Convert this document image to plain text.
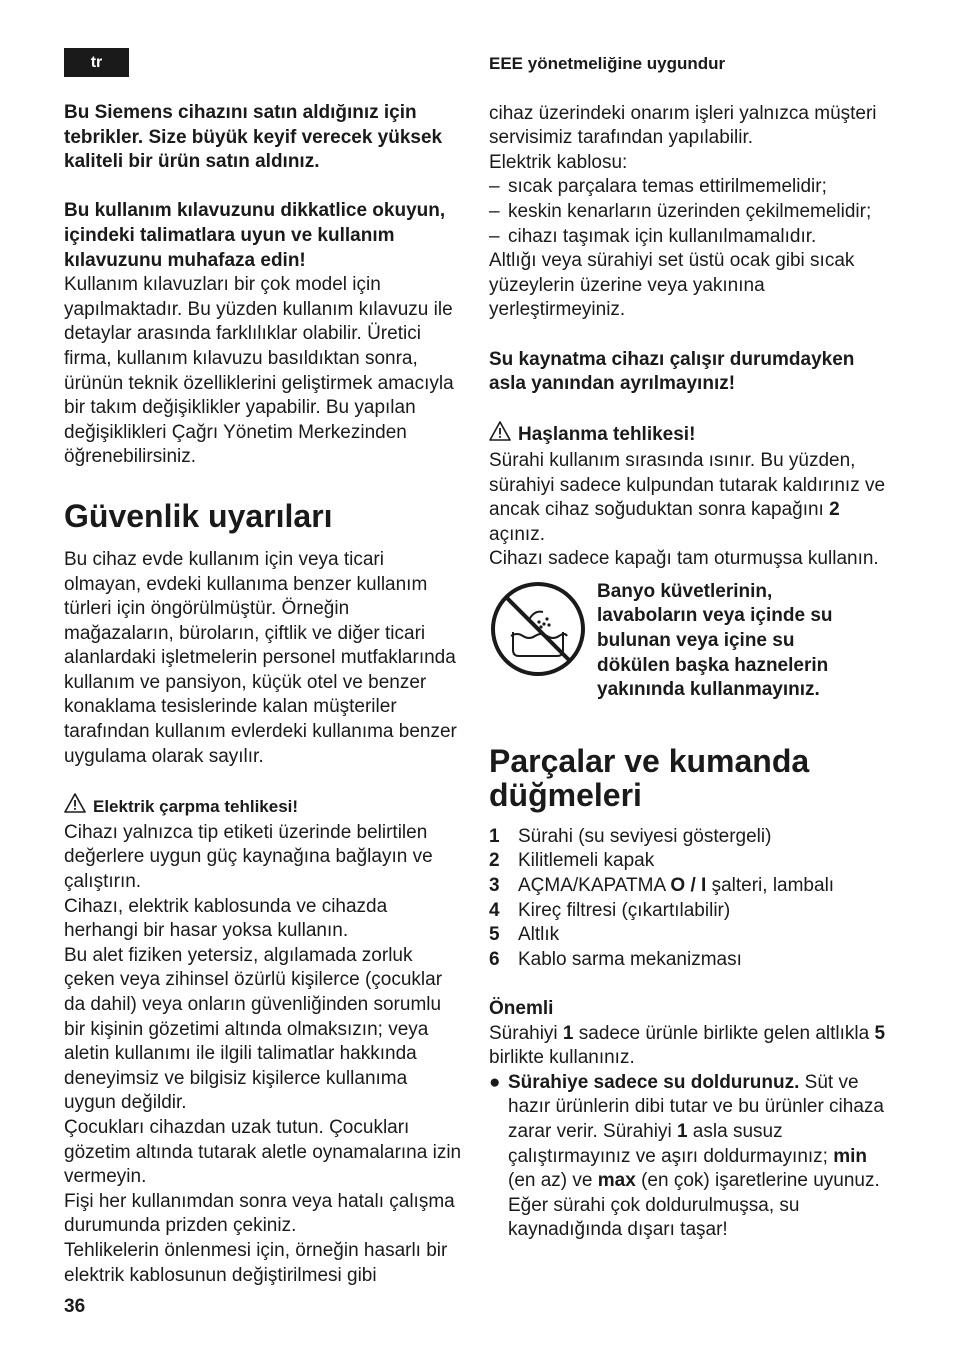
tr

Bu Siemens cihazını satın aldığınız için tebrikler. Size büyük keyif verecek yüksek kaliteli bir ürün satın aldınız.

Bu kullanım kılavuzunu dikkatlice okuyun, içindeki talimatlara uyun ve kullanım kılavuzunu muhafaza edin!

Kullanım kılavuzları bir çok model için yapılmaktadır. Bu yüzden kullanım kılavuzu ile detaylar arasında farklılıklar olabilir. Üretici firma, kullanım kılavuzu basıldıktan sonra, ürünün teknik özelliklerini geliştirmek amacıyla bir takım değişiklikler yapabilir. Bu yapılan değişiklikleri Çağrı Yönetim Merkezinden öğrenebilirsiniz.

Güvenlik uyarıları

Bu cihaz evde kullanım için veya ticari olmayan, evdeki kullanıma benzer kullanım türleri için öngörülmüştür. Örneğin mağazaların, büroların, çiftlik ve diğer ticari alanlardaki işletmelerin personel mutfaklarında kullanım ve pansiyon, küçük otel ve benzer konaklama tesislerinde kalan müşteriler tarafından kullanım evlerdeki kullanıma benzer uygulama olarak sayılır.

Elektrik çarpma tehlikesi!

Cihazı yalnızca tip etiketi üzerinde belirtilen değerlere uygun güç kaynağına bağlayın ve çalıştırın.

Cihazı, elektrik kablosunda ve cihazda herhangi bir hasar yoksa kullanın.

Bu alet fiziken yetersiz, algılamada zorluk çeken veya zihinsel özürlü kişilerce (çocuklar da dahil) veya onların güvenliğinden sorumlu bir kişinin gözetimi altında olmaksızın; veya aletin kullanımı ile ilgili talimatlar hakkında deneyimsiz ve bilgisiz kişilerce kullanıma uygun değildir.

Çocukları cihazdan uzak tutun. Çocukları gözetim altında tutarak aletle oynamalarına izin vermeyin.

Fişi her kullanımdan sonra veya hatalı çalışma durumunda prizden çekiniz.

Tehlikelerin önlenmesi için, örneğin hasarlı bir elektrik kablosunun değiştirilmesi gibi

EEE yönetmeliğine uygundur

cihaz üzerindeki onarım işleri yalnızca müşteri servisimiz tarafından yapılabilir.

Elektrik kablosu:

– sıcak parçalara temas ettirilmemelidir;
– keskin kenarların üzerinden çekilmemelidir;
– cihazı taşımak için kullanılmamalıdır.

Altlığı veya sürahiyi set üstü ocak gibi sıcak yüzeylerin üzerine veya yakınına yerleştirmeyiniz.

Su kaynatma cihazı çalışır durumdayken asla yanından ayrılmayınız!

Haşlanma tehlikesi!

Sürahi kullanım sırasında ısınır. Bu yüzden, sürahiyi sadece kulpundan tutarak kaldırınız ve ancak cihaz soğuduktan sonra kapağını 2 açınız.

Cihazı sadece kapağı tam oturmuşsa kullanın.

Banyo küvetlerinin, lavaboların veya içinde su bulunan veya içine su dökülen başka haznelerin yakınında kullanmayınız.

Parçalar ve kumanda düğmeleri
1 Sürahi (su seviyesi göstergeli)
2 Kilitlemeli kapak
3 AÇMA/KAPATMA O / I şalteri, lambalı
4 Kireç filtresi (çıkartılabilir)
5 Altlık
6 Kablo sarma mekanizması

Önemli

Sürahiyi 1 sadece ürünle birlikte gelen altlıkla 5 birlikte kullanınız.

● Sürahiye sadece su doldurunuz. Süt ve hazır ürünlerin dibi tutar ve bu ürünler cihaza zarar verir. Sürahiyi 1 asla susuz çalıştırmayınız ve aşırı doldurmayınız; min (en az) ve max (en çok) işaretlerine uyunuz. Eğer sürahi çok doldurulmuşsa, su kaynadığında dışarı taşar!
36
